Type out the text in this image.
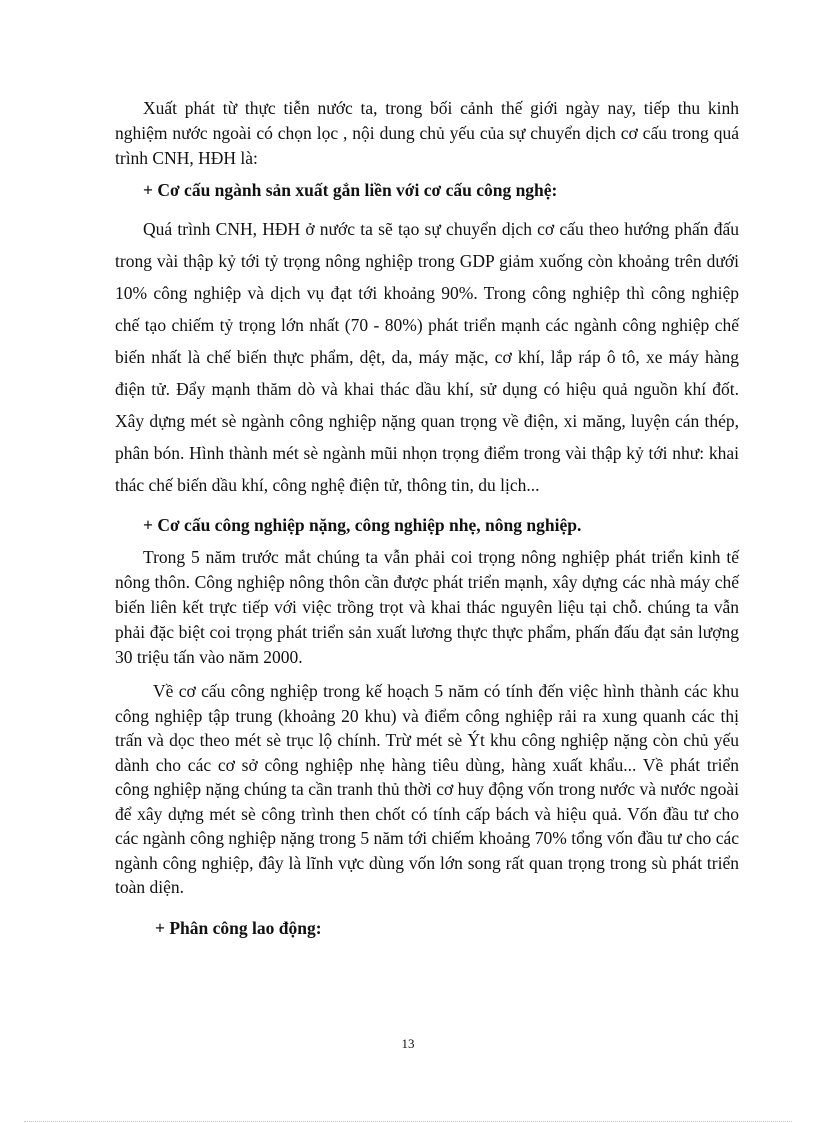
Xuất phát từ thực tiễn nước ta, trong bối cảnh thế giới ngày nay, tiếp thu kinh nghiệm nước ngoài có chọn lọc , nội dung chủ yếu của sự chuyển dịch cơ cấu trong quá trình CNH, HĐH là:

+ Cơ cấu ngành sản xuất gắn liền với cơ cấu công nghệ:

Quá trình CNH, HĐH ở nước ta sẽ tạo sự chuyển dịch cơ cấu theo hướng phấn đấu trong vài thập kỷ tới tỷ trọng nông nghiệp trong GDP giảm xuống còn khoảng trên dưới 10% công nghiệp và dịch vụ đạt tới khoảng 90%. Trong công nghiệp thì công nghiệp chế tạo chiếm tỷ trọng lớn nhất (70 - 80%) phát triển mạnh các ngành công nghiệp chế biến nhất là chế biến thực phẩm, dệt, da, máy mặc, cơ khí, lắp ráp ô tô, xe máy hàng điện tử. Đẩy mạnh thăm dò và khai thác dầu khí, sử dụng có hiệu quả nguồn khí đốt. Xây dựng mét sè ngành công nghiệp nặng quan trọng về điện, xi măng, luyện cán thép, phân bón. Hình thành mét sè ngành mũi nhọn trọng điểm trong vài thập kỷ tới như: khai thác chế biến dầu khí, công nghệ điện tử, thông tin, du lịch...

+ Cơ cấu công nghiệp nặng, công nghiệp nhẹ, nông nghiệp.

Trong 5 năm trước mắt chúng ta vẫn phải coi trọng nông nghiệp phát triển kinh tế nông thôn. Công nghiệp nông thôn cần được phát triển mạnh, xây dựng các nhà máy chế biến liên kết trực tiếp với việc trồng trọt và khai thác nguyên liệu tại chỗ. chúng ta vẫn phải đặc biệt coi trọng phát triển sản xuất lương thực thực phẩm, phấn đấu đạt sản lượng 30 triệu tấn vào năm 2000.

Về cơ cấu công nghiệp trong kế hoạch 5 năm có tính đến việc hình thành các khu công nghiệp tập trung (khoảng 20 khu) và điểm công nghiệp rải ra xung quanh các thị trấn và dọc theo mét sè trục lộ chính. Trừ mét sè Ýt khu công nghiệp nặng còn chủ yếu dành cho các cơ sở công nghiệp nhẹ hàng tiêu dùng, hàng xuất khẩu... Về phát triển công nghiệp nặng chúng ta cần tranh thủ thời cơ huy động vốn trong nước và nước ngoài để xây dựng mét sè công trình then chốt có tính cấp bách và hiệu quả. Vốn đầu tư cho các ngành công nghiệp nặng trong 5 năm tới chiếm khoảng 70% tổng vốn đầu tư cho các ngành công nghiệp, đây là lĩnh vực dùng vốn lớn song rất quan trọng trong sù phát triển toàn diện.

+ Phân công lao động:

13
